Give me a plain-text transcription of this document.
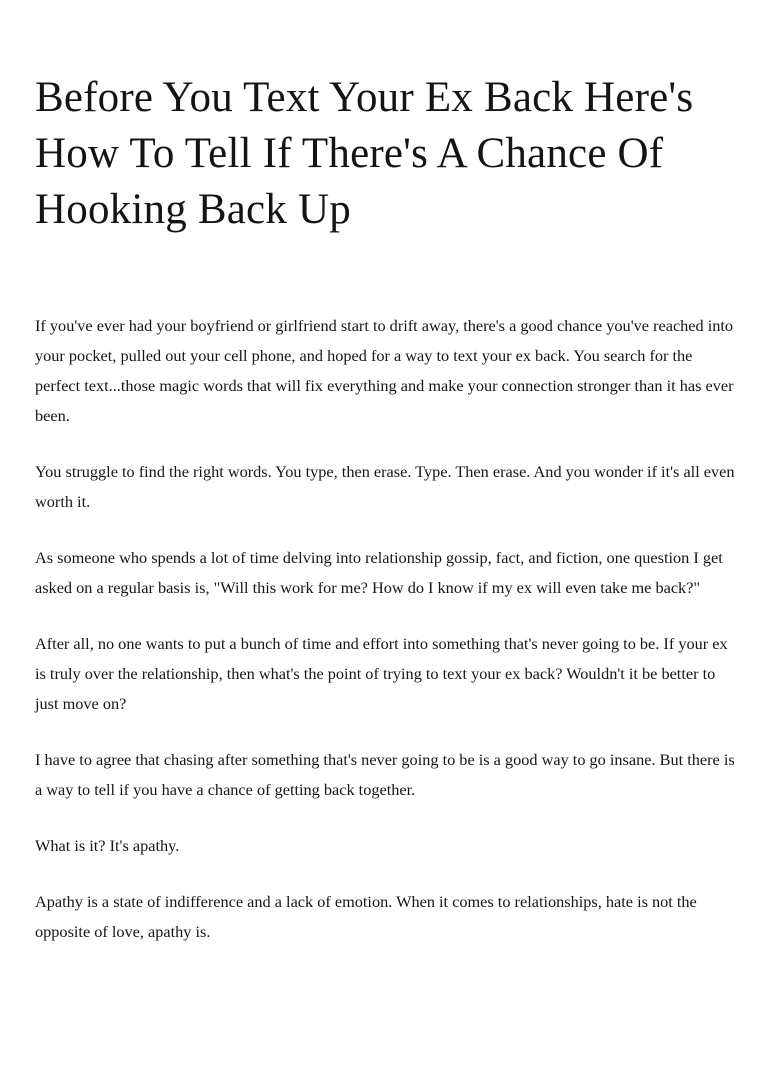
Before You Text Your Ex Back Here's How To Tell If There's A Chance Of Hooking Back Up

If you've ever had your boyfriend or girlfriend start to drift away, there's a good chance you've reached into your pocket, pulled out your cell phone, and hoped for a way to text your ex back. You search for the perfect text...those magic words that will fix everything and make your connection stronger than it has ever been.

You struggle to find the right words. You type, then erase. Type. Then erase. And you wonder if it's all even worth it.

As someone who spends a lot of time delving into relationship gossip, fact, and fiction, one question I get asked on a regular basis is, "Will this work for me? How do I know if my ex will even take me back?"

After all, no one wants to put a bunch of time and effort into something that's never going to be. If your ex is truly over the relationship, then what's the point of trying to text your ex back? Wouldn't it be better to just move on?

I have to agree that chasing after something that's never going to be is a good way to go insane. But there is a way to tell if you have a chance of getting back together.

What is it? It's apathy.

Apathy is a state of indifference and a lack of emotion. When it comes to relationships, hate is not the opposite of love, apathy is.
